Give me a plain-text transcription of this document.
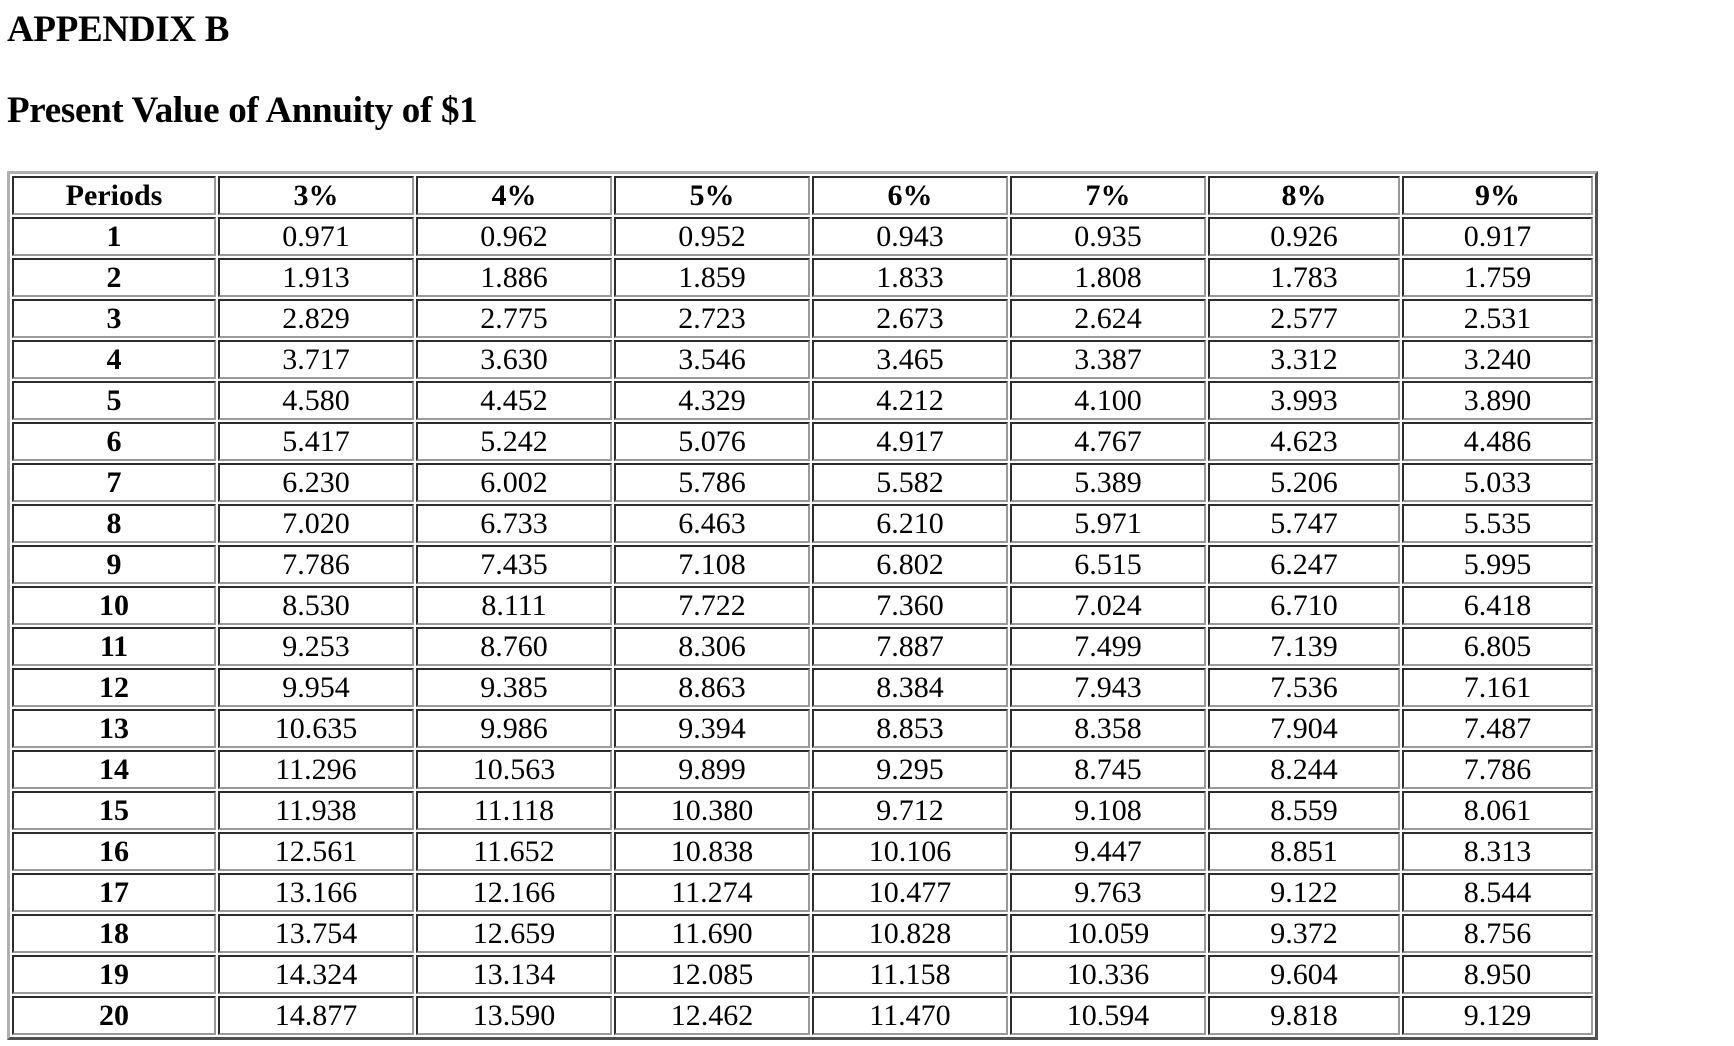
APPENDIX B
Present Value of Annuity of $1
Periods	3%	4%	5%	6%	7%	8%	9%
1	0.971	0.962	0.952	0.943	0.935	0.926	0.917
2	1.913	1.886	1.859	1.833	1.808	1.783	1.759
3	2.829	2.775	2.723	2.673	2.624	2.577	2.531
4	3.717	3.630	3.546	3.465	3.387	3.312	3.240
5	4.580	4.452	4.329	4.212	4.100	3.993	3.890
6	5.417	5.242	5.076	4.917	4.767	4.623	4.486
7	6.230	6.002	5.786	5.582	5.389	5.206	5.033
8	7.020	6.733	6.463	6.210	5.971	5.747	5.535
9	7.786	7.435	7.108	6.802	6.515	6.247	5.995
10	8.530	8.111	7.722	7.360	7.024	6.710	6.418
11	9.253	8.760	8.306	7.887	7.499	7.139	6.805
12	9.954	9.385	8.863	8.384	7.943	7.536	7.161
13	10.635	9.986	9.394	8.853	8.358	7.904	7.487
14	11.296	10.563	9.899	9.295	8.745	8.244	7.786
15	11.938	11.118	10.380	9.712	9.108	8.559	8.061
16	12.561	11.652	10.838	10.106	9.447	8.851	8.313
17	13.166	12.166	11.274	10.477	9.763	9.122	8.544
18	13.754	12.659	11.690	10.828	10.059	9.372	8.756
19	14.324	13.134	12.085	11.158	10.336	9.604	8.950
20	14.877	13.590	12.462	11.470	10.594	9.818	9.129
